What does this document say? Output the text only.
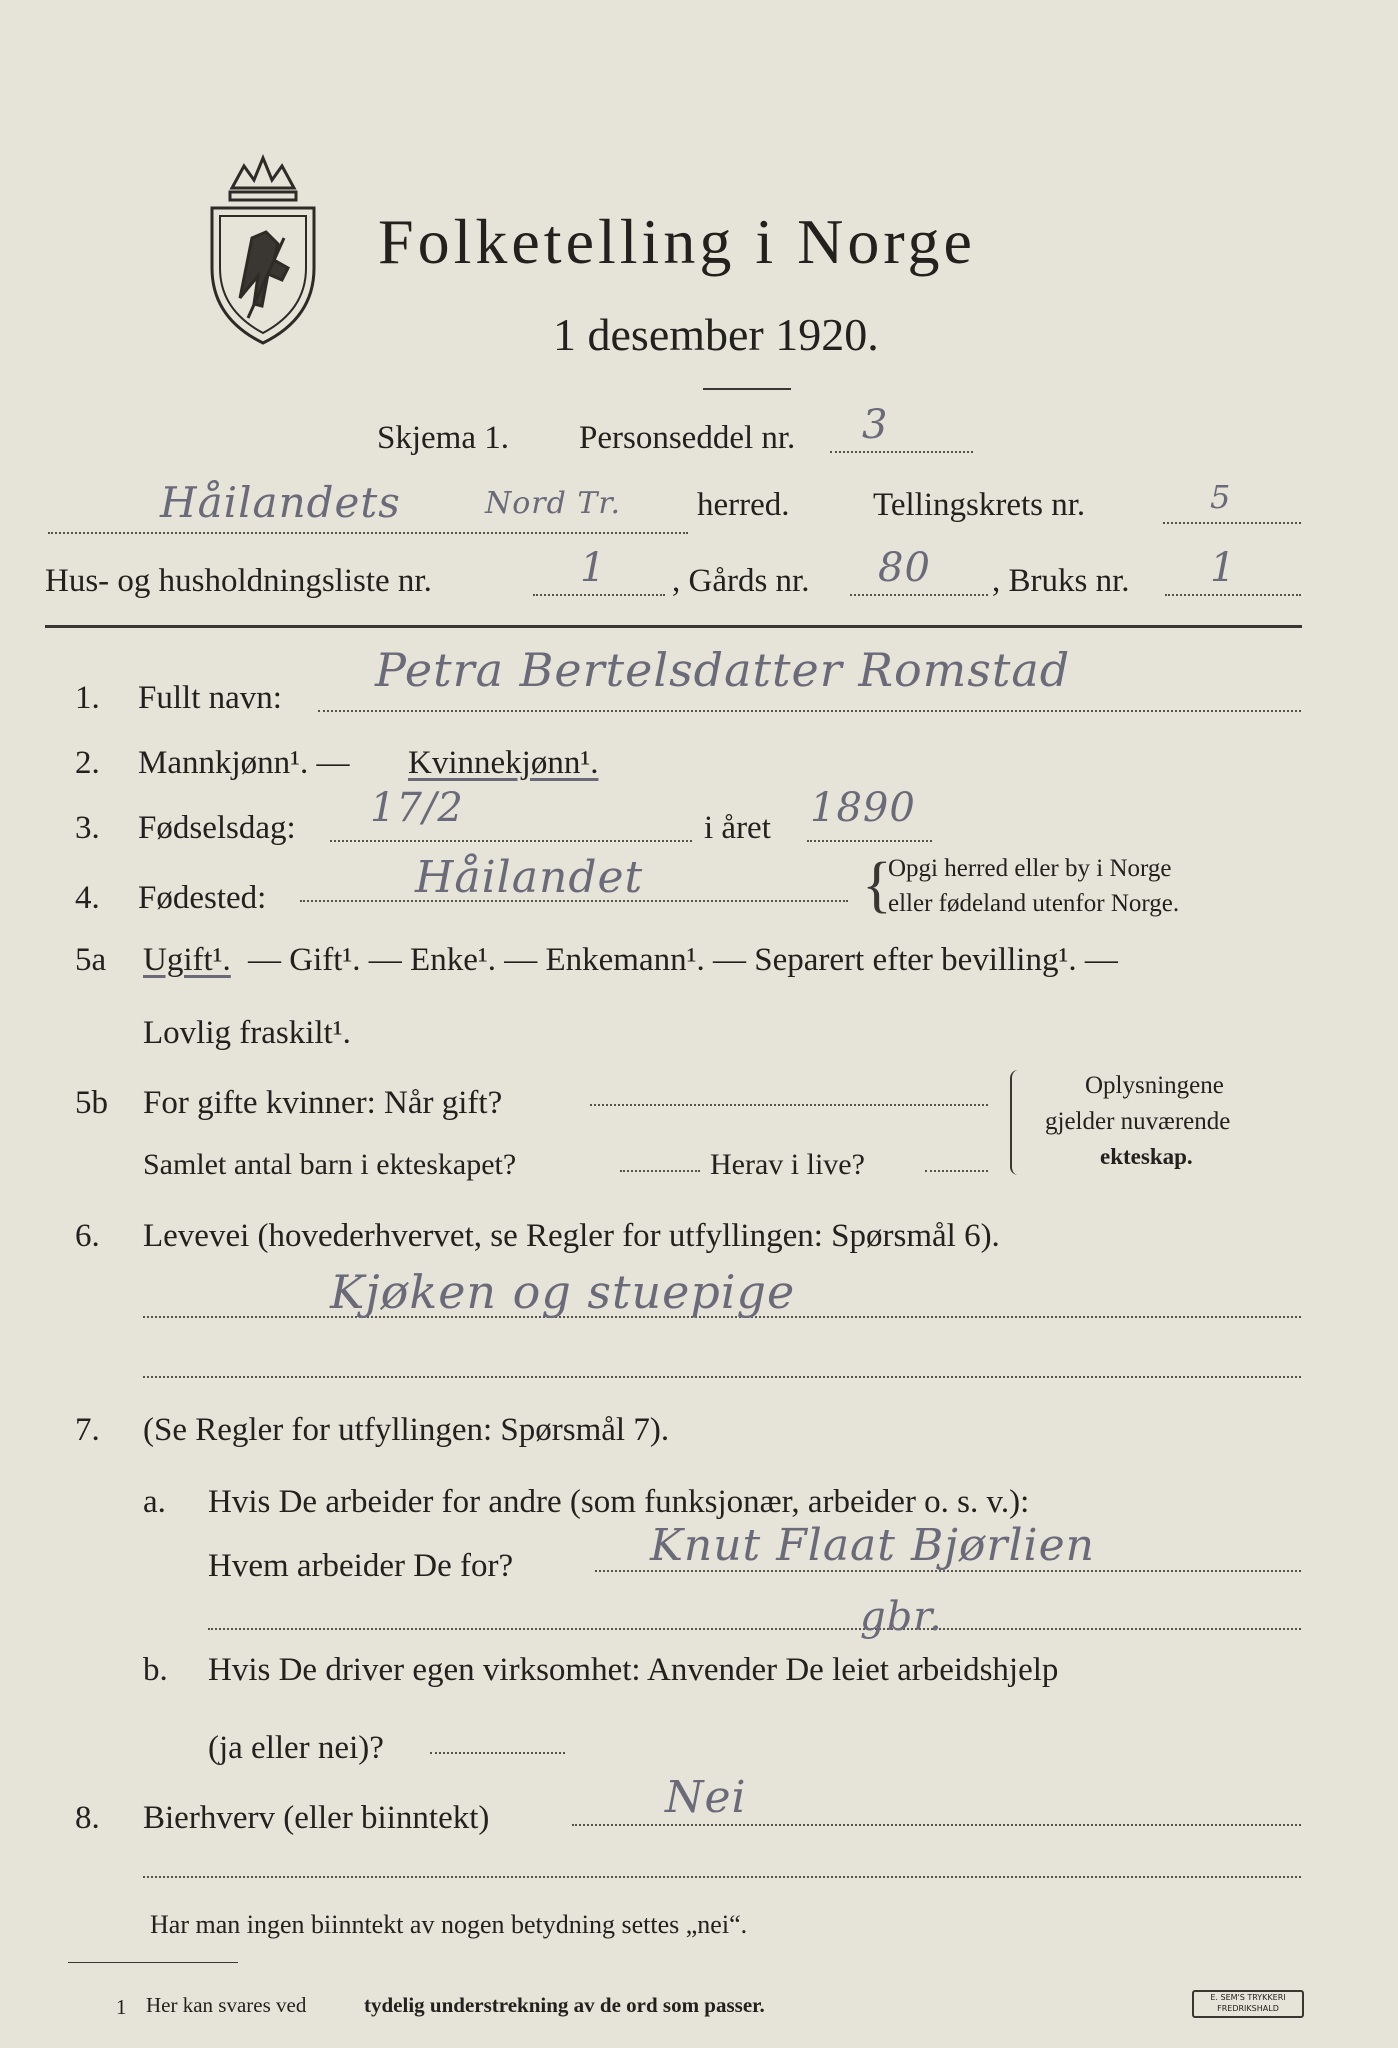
Folketelling i Norge
1 desember 1920.
Skjema 1. Personseddel nr. 3
Håilandets	Nord Tr. herred.	Tellingskrets nr.	5
Hus- og husholdningsliste nr.	1 , Gårds nr. 80 , Bruks nr. 1
1. Fullt navn:
Petra Bertelsdatter Romstad
2. Mannkjønn¹. — Kvinnekjønn¹.
3. Fødselsdag: 17/2	i året 1890
4. Fødested:	Håilandet	{
Opgi herred eller by i Norge
eller fødeland utenfor Norge.
5a Ugift¹. — Gift¹. — Enke¹. — Enkemann¹. — Separert efter bevilling¹. —
Lovlig fraskilt¹.
5b For gifte kvinner: Når gift?
Samlet antal barn i ekteskapet?	Herav i live?
Oplysningene
gjelder nuværende
ekteskap.
6. Levevei (hovederhvervet, se Regler for utfyllingen: Spørsmål 6).
Kjøken og stuepige
7. (Se Regler for utfyllingen: Spørsmål 7).
a. Hvis De arbeider for andre (som funksjonær, arbeider o. s. v.):
Hvem arbeider De for?	Knut Flaat Bjørlien
gbr.
b. Hvis De driver egen virksomhet: Anvender De leiet arbeidshjelp
(ja eller nei)?
8. Bierhverv (eller biinntekt)	Nei
Har man ingen biinntekt av nogen betydning settes „nei“.
1 Her kan svares ved	tydelig understrekning av de ord som passer.	E. SEM'S TRYKKERI FREDRIKSHALD
